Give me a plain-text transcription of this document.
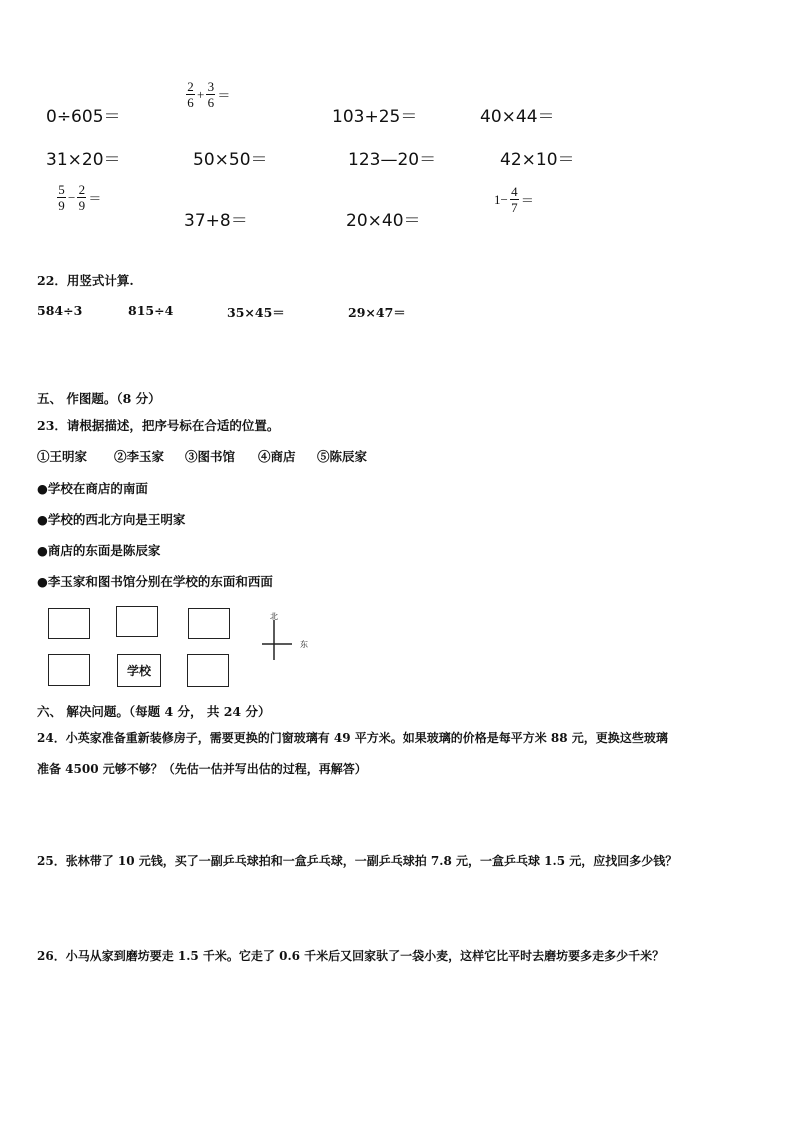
0÷605＝
$\frac{2}{6} + \frac{3}{6}$ ＝
103+25＝	40×44＝
31×20＝	50×50＝	123—20＝	42×10＝
$\frac{5}{9} - \frac{2}{9}$ ＝
37+8＝	20×40＝
$1- \frac{4}{7}$ ＝
22．用竖式计算.
584÷3	815÷4	35×45＝	29×47＝
五、 作图题。（8 分）
23．请根据描述，把序号标在合适的位置。
①王明家 ②李玉家 ③图书馆 ④商店 ⑤陈辰家
●学校在商店的南面
●学校的西北方向是王明家
●商店的东面是陈辰家
●李玉家和图书馆分别在学校的东面和西面
学校
北
东
六、 解决问题。（每题 4 分， 共 24 分）
24．小英家准备重新装修房子，需要更换的门窗玻璃有 49 平方米。如果玻璃的价格是每平方米 88 元，更换这些玻璃
准备 4500 元够不够？（先估一估并写出估的过程，再解答）
25．张林带了 10 元钱，买了一副乒乓球拍和一盒乒乓球，一副乒乓球拍 7.8 元，一盒乒乓球 1.5 元，应找回多少钱？
26．小马从家到磨坊要走 1.5 千米。它走了 0.6 千米后又回家驮了一袋小麦，这样它比平时去磨坊要多走多少千米？
